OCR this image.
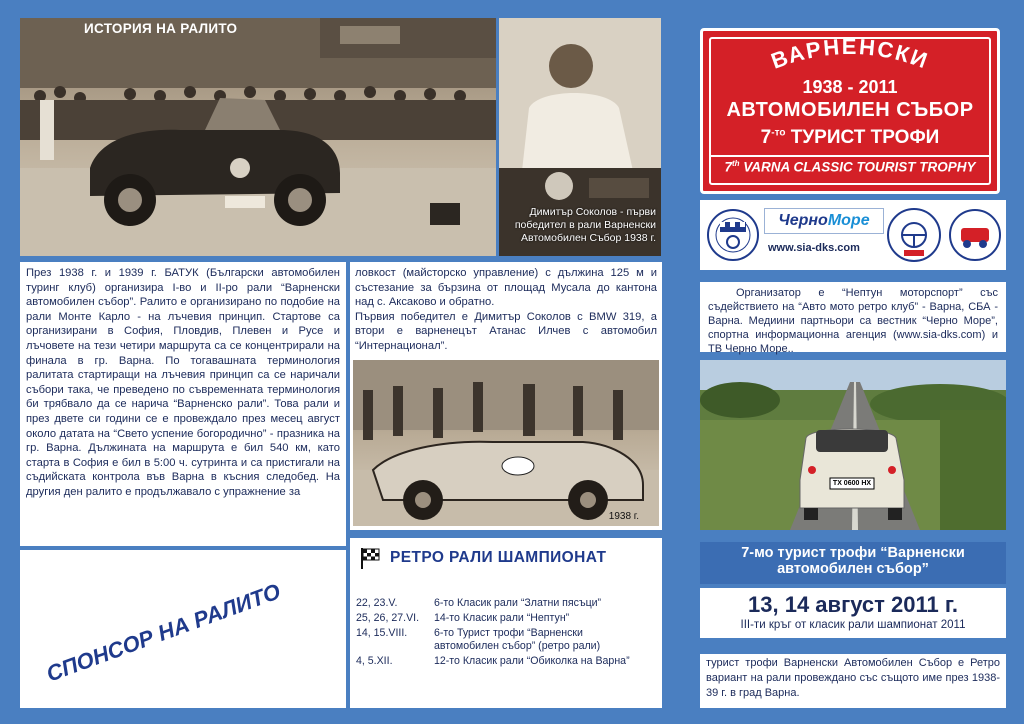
ИСТОРИЯ НА РАЛИТО
Димитър Соколов - първи победител в рали Варненски Автомобилен Събор 1938 г.

През 1938 г. и 1939 г. БАТУК (Български автомобилен туринг клуб) организира I-во и II-ро рали “Варненски автомобилен събор”. Ралито е организирано по подобие на рали Монте Карло - на лъчевия принцип. Стартове са организирани в София, Пловдив, Плевен и Русе и лъчовете на тези четири маршрута са се концентрирали на финала в гр. Варна. По тогавашната терминология ралитата стартиращи на лъчевия принцип са се наричали събори така, че преведено по съвременната терминология би трябвало да се нарича “Варненско рали”. Това рали и през двете си години се е провеждало през месец август около датата на “Свето успение богородично” - празника на гр. Варна. Дължината на маршрута е бил 540 км, като старта в София е бил в 5:00 ч. сутринта и са пристигали на съдийската контрола във Варна в късния следобед. На другия ден ралито е продължавало с упражнение за

СПОНСОР НА РАЛИТО

ловкост (майсторско управление) с дължина 125 м и състезание за бързина от площад Мусала до кантона над с. Аксаково и обратно.
Първия победител е Димитър Соколов с BMW 319, а втори е варненецът Атанас Илчев с автомобил “Интернационал”.

1938 г.
РЕТРО РАЛИ ШАМПИОНАТ
22, 23.V.	6-то Класик рали “Златни пясъци”
25, 26, 27.VI.	14-то Класик рали “Нептун”
14, 15.VIII.	6-то Турист трофи “Варненски автомобилен събор” (ретро рали)
4, 5.XII.	12-то Класик рали “Обиколка на Варна”
ВАРНЕНСКИ
1938 - 2011
АВТОМОБИЛЕН СЪБОР
$7^{-то}$ ТУРИСТ ТРОФИ
7th VARNA CLASSIC TOURIST TROPHY
ЧерноМоре
www.sia-dks.com

Организатор е “Нептун моторспорт” със съдействието на “Авто мото ретро клуб” - Варна, СБА - Варна. Медиини партньори са вестник “Черно Море”, спортна информационна агенция (www.sia-dks.com) и ТВ Черно Море..

TX 0600 HX
7-мо турист трофи “Варненски
автомобилен събор”
13, 14 август 2011 г.
III-ти кръг от класик рали шампионат 2011

турист трофи Варненски Автомобилен Събор е Ретро вариант на рали провеждано със същото име през 1938-39 г. в град Варна.
